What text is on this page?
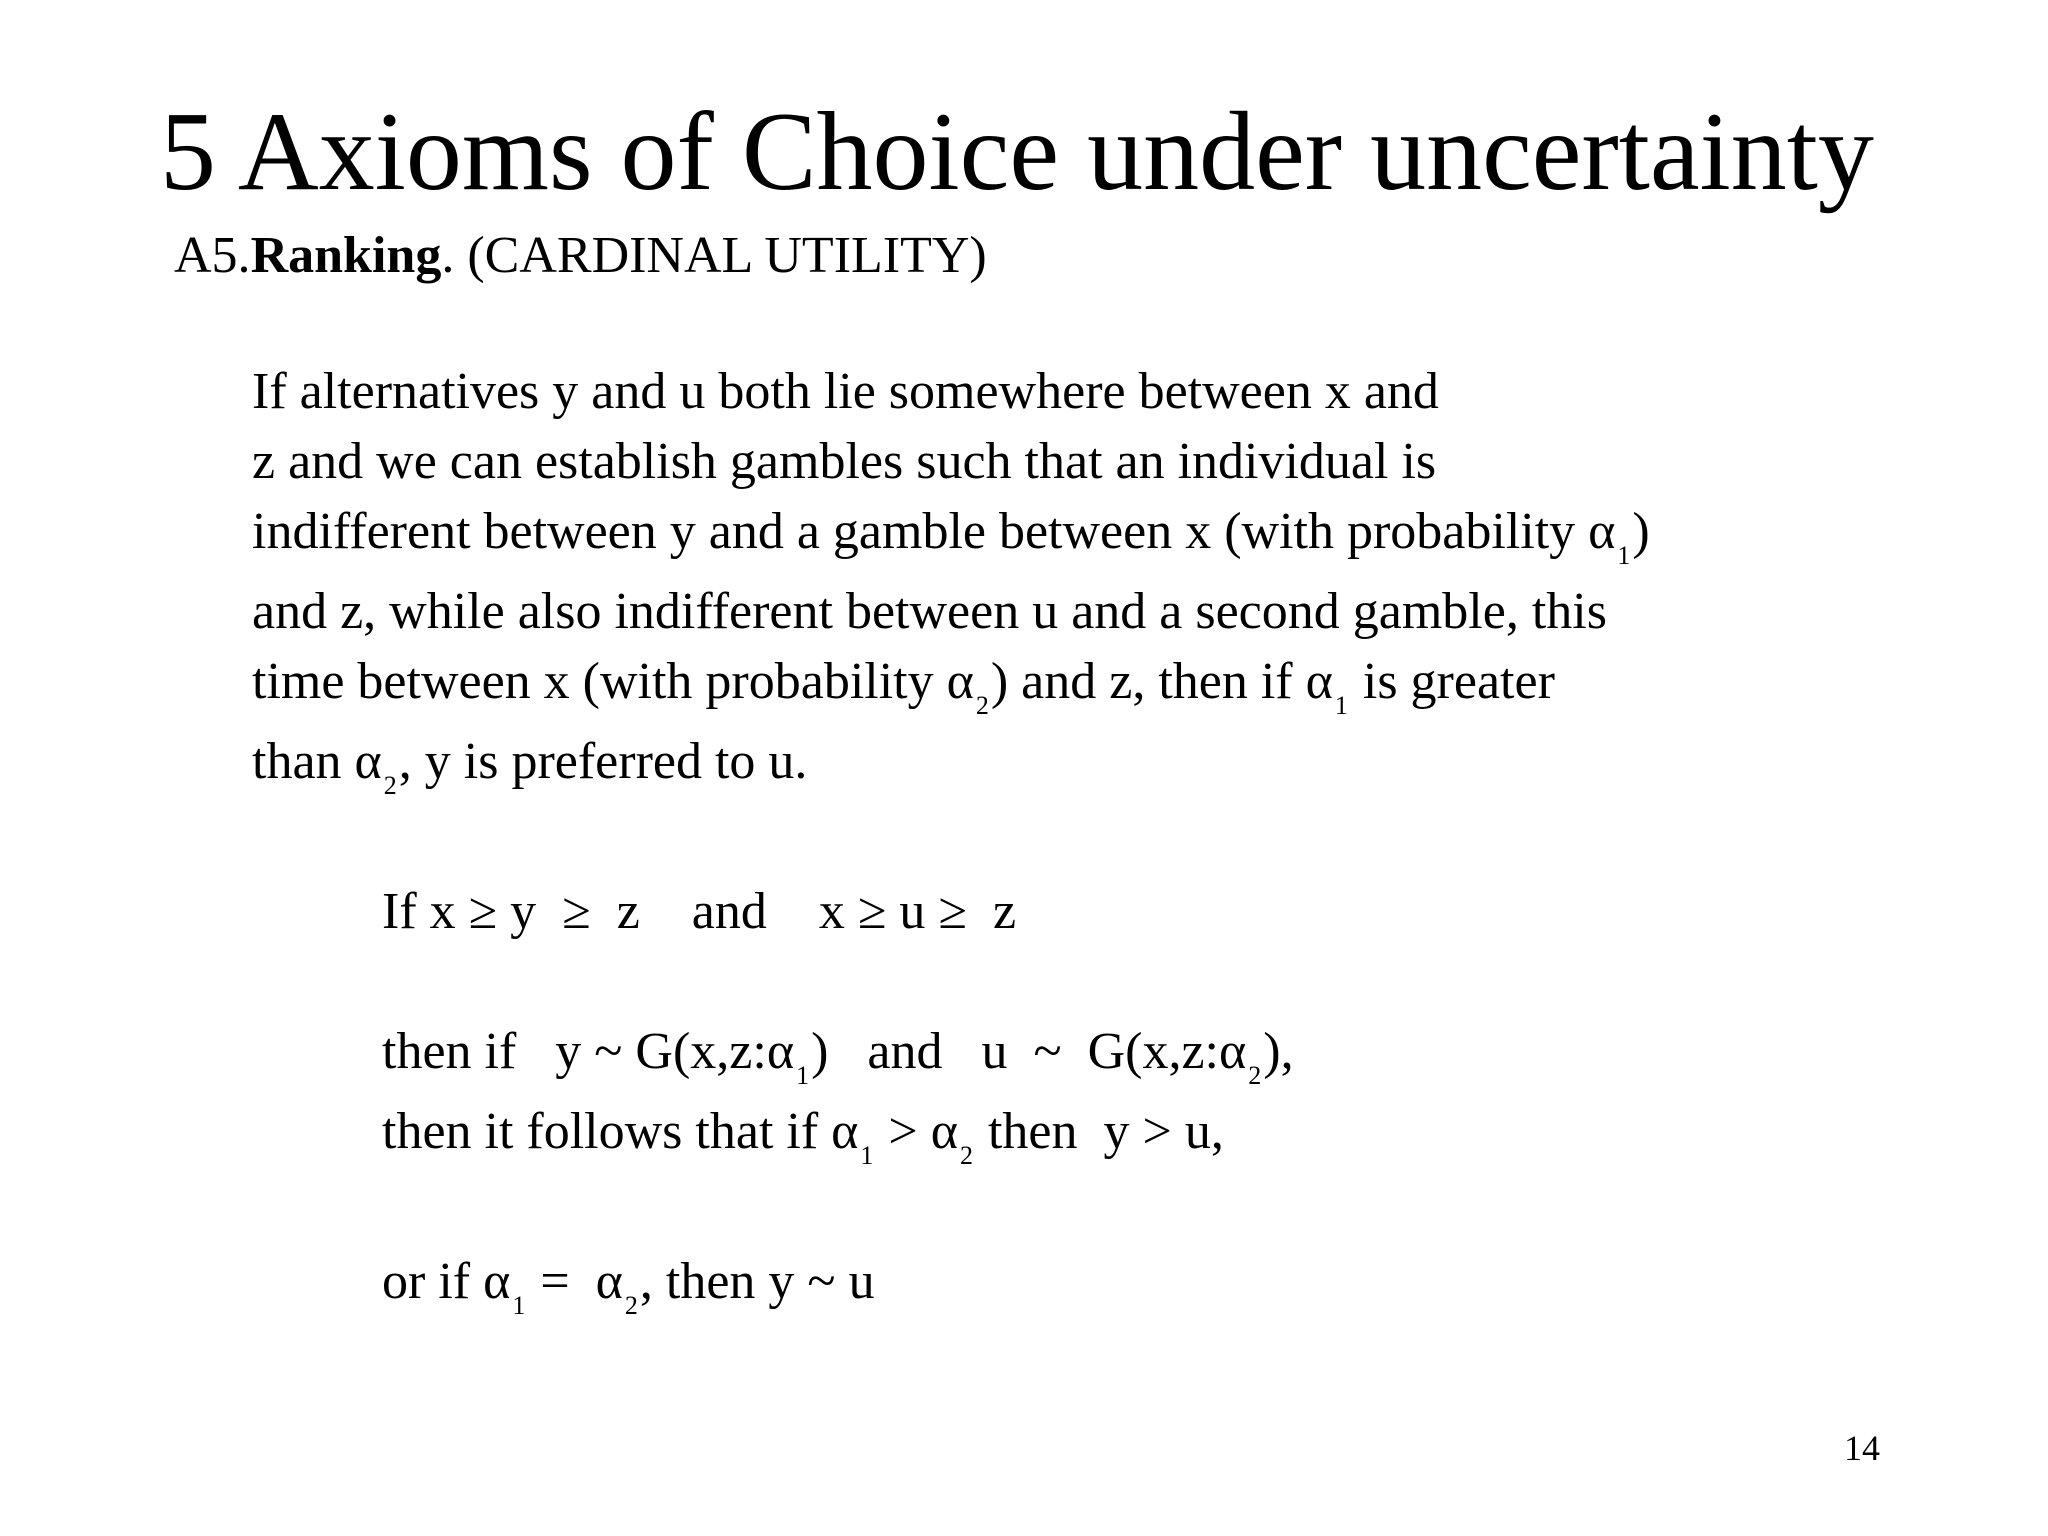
5 Axioms of Choice under uncertainty
A5.Ranking. (CARDINAL UTILITY)
If alternatives y and u both lie somewhere between x and
z and we can establish gambles such that an individual is
indifferent between y and a gamble between x (with probability $\alpha_1$)
and z, while also indifferent between u and a second gamble, this
time between x (with probability $\alpha_2$) and z, then if $\alpha_1$ is greater
than $\alpha_2$, y is preferred to u.
If x ≥ y  ≥  z    and    x ≥ u ≥  z
then if   y ~ $G(x,z:\alpha_1)$   and   u  ~  $G(x,z:\alpha_2)$,
then it follows that if $\alpha_1 > \alpha_2$ then  y > u,
or if $\alpha_1 = \alpha_2$, then y ~ u
14
